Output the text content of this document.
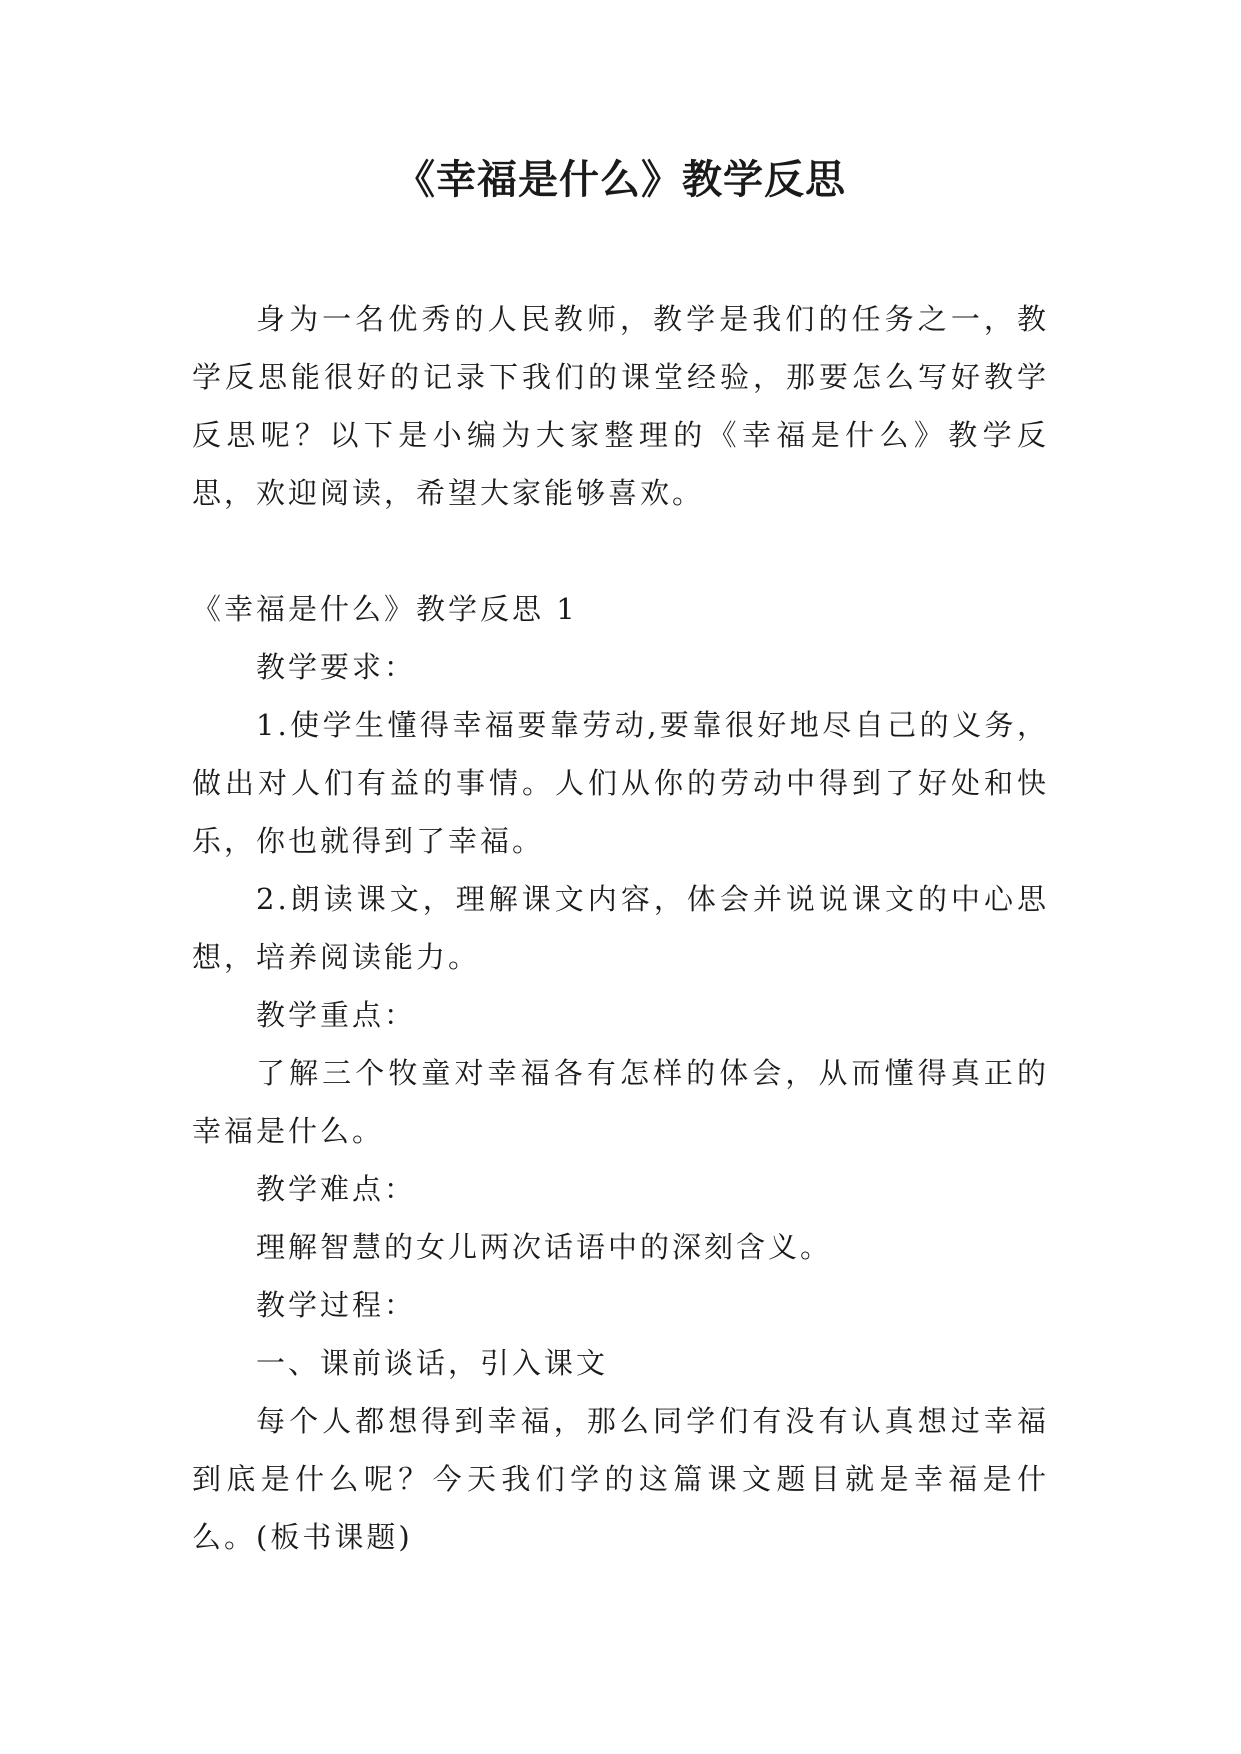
《幸福是什么》教学反思

身为一名优秀的人民教师，教学是我们的任务之一，教学反思能很好的记录下我们的课堂经验，那要怎么写好教学反思呢？以下是小编为大家整理的《幸福是什么》教学反思，欢迎阅读，希望大家能够喜欢。

《幸福是什么》教学反思 1

教学要求：

1.使学生懂得幸福要靠劳动,要靠很好地尽自己的义务，做出对人们有益的事情。人们从你的劳动中得到了好处和快乐，你也就得到了幸福。

2.朗读课文，理解课文内容，体会并说说课文的中心思想，培养阅读能力。

教学重点：

了解三个牧童对幸福各有怎样的体会，从而懂得真正的幸福是什么。

教学难点：

理解智慧的女儿两次话语中的深刻含义。

教学过程：

一、课前谈话，引入课文

每个人都想得到幸福，那么同学们有没有认真想过幸福到底是什么呢？今天我们学的这篇课文题目就是幸福是什么。(板书课题)
